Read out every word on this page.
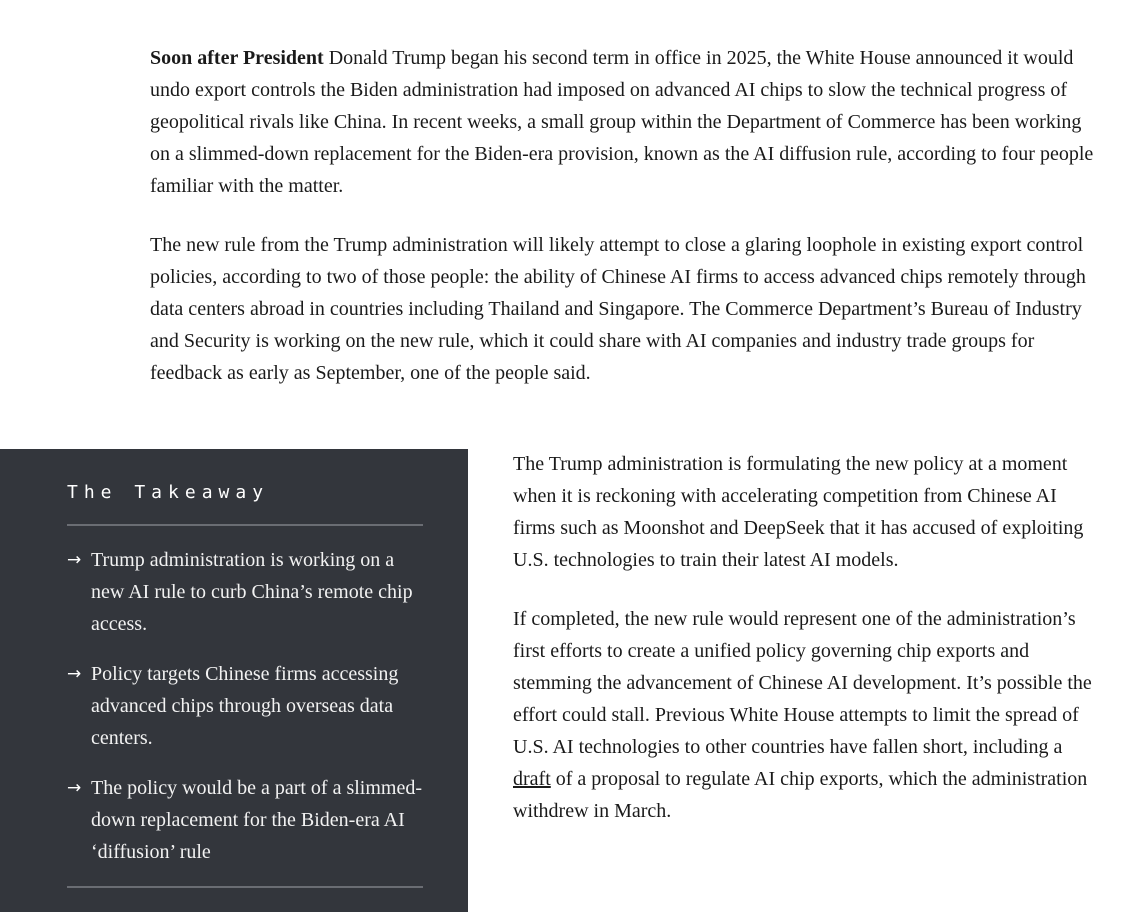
Soon after President Donald Trump began his second term in office in 2025, the White House announced it would undo export controls the Biden administration had imposed on advanced AI chips to slow the technical progress of geopolitical rivals like China. In recent weeks, a small group within the Department of Commerce has been working on a slimmed-down replacement for the Biden-era provision, known as the AI diffusion rule, according to four people familiar with the matter.

The new rule from the Trump administration will likely attempt to close a glaring loophole in existing export control policies, according to two of those people: the ability of Chinese AI firms to access advanced chips remotely through data centers abroad in countries including Thailand and Singapore. The Commerce Department’s Bureau of Industry and Security is working on the new rule, which it could share with AI companies and industry trade groups for feedback as early as September, one of the people said.

The Takeaway
→ Trump administration is working on a new AI rule to curb China’s remote chip access.
→ Policy targets Chinese firms accessing advanced chips through overseas data centers.
→ The policy would be a part of a slimmed-down replacement for the Biden-era AI ‘diffusion’ rule

The Trump administration is formulating the new policy at a moment when it is reckoning with accelerating competition from Chinese AI firms such as Moonshot and DeepSeek that it has accused of exploiting U.S. technologies to train their latest AI models.

If completed, the new rule would represent one of the administration’s first efforts to create a unified policy governing chip exports and stemming the advancement of Chinese AI development. It’s possible the effort could stall. Previous White House attempts to limit the spread of U.S. AI technologies to other countries have fallen short, including a draft of a proposal to regulate AI chip exports, which the administration withdrew in March.
